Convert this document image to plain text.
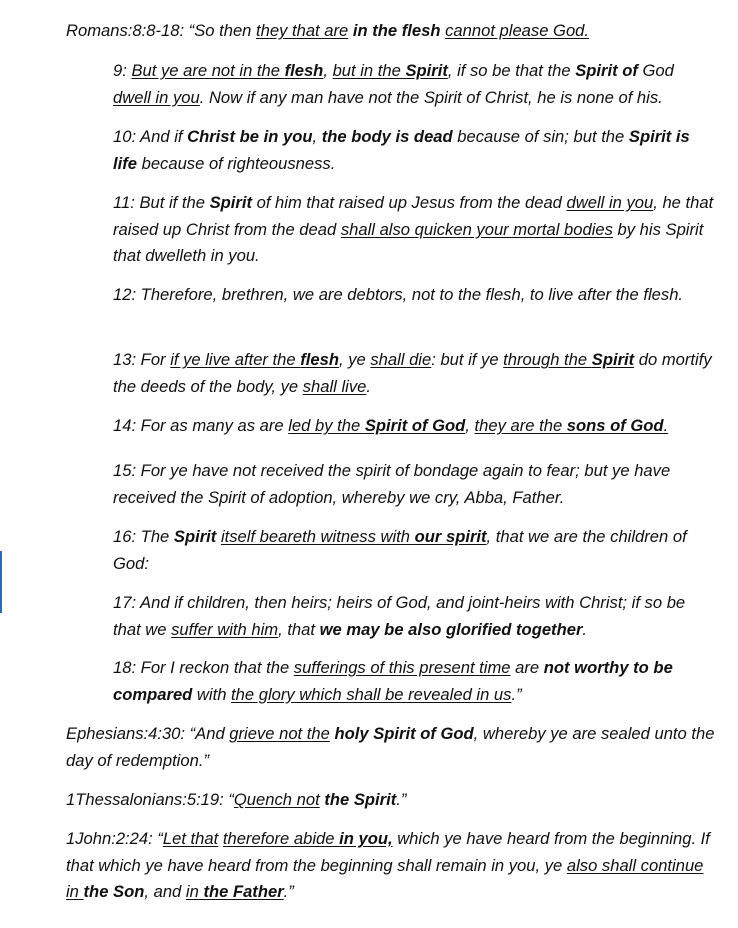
Romans:8:8-18: “So then they that are in the flesh cannot please God.

9: But ye are not in the flesh, but in the Spirit, if so be that the Spirit of God dwell in you. Now if any man have not the Spirit of Christ, he is none of his.

10: And if Christ be in you, the body is dead because of sin; but the Spirit is life because of righteousness.

11: But if the Spirit of him that raised up Jesus from the dead dwell in you, he that raised up Christ from the dead shall also quicken your mortal bodies by his Spirit that dwelleth in you.

12: Therefore, brethren, we are debtors, not to the flesh, to live after the flesh.

13: For if ye live after the flesh, ye shall die: but if ye through the Spirit do mortify the deeds of the body, ye shall live.

14: For as many as are led by the Spirit of God, they are the sons of God.

15: For ye have not received the spirit of bondage again to fear; but ye have received the Spirit of adoption, whereby we cry, Abba, Father.

16: The Spirit itself beareth witness with our spirit, that we are the children of God:

17: And if children, then heirs; heirs of God, and joint-heirs with Christ; if so be that we suffer with him, that we may be also glorified together.

18: For I reckon that the sufferings of this present time are not worthy to be compared with the glory which shall be revealed in us.”

Ephesians:4:30: “And grieve not the holy Spirit of God, whereby ye are sealed unto the day of redemption.”

1Thessalonians:5:19: “Quench not the Spirit.”

1John:2:24: “Let that therefore abide in you, which ye have heard from the beginning. If that which ye have heard from the beginning shall remain in you, ye also shall continue in the Son, and in the Father.”
